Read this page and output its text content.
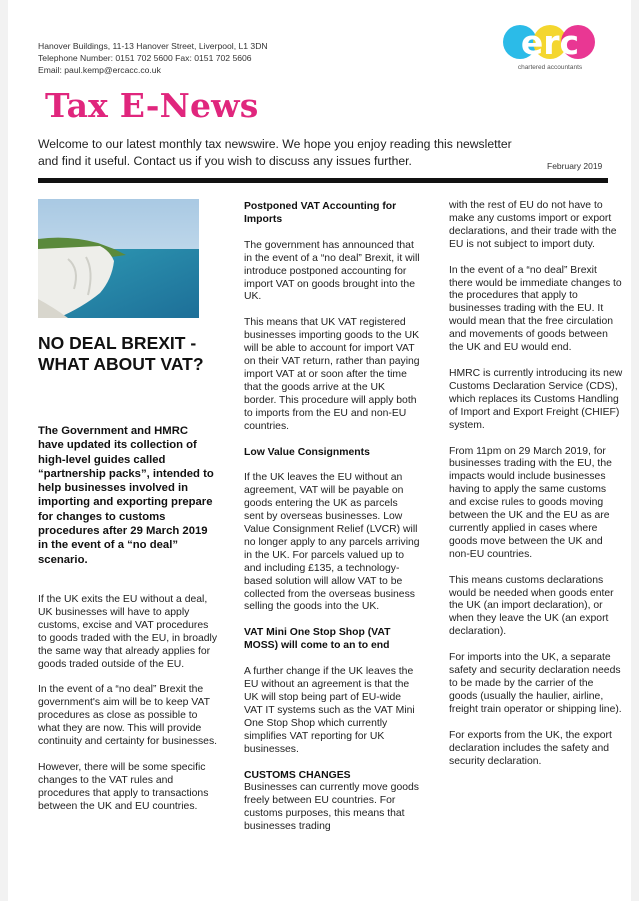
Hanover Buildings, 11-13 Hanover Street, Liverpool, L1 3DN
Telephone Number: 0151 702 5600 Fax: 0151 702 5606
Email: paul.kemp@ercacc.co.uk
erc
chartered accountants
Tax E-News
Welcome to our latest monthly tax newswire. We hope you enjoy reading this newsletter and find it useful. Contact us if you wish to discuss any issues further.	February 2019
NO DEAL BREXIT - WHAT ABOUT VAT?
The Government and HMRC have updated its collection of high-level guides called “partnership packs”, intended to help businesses involved in importing and exporting prepare for changes to customs procedures after 29 March 2019 in the event of a “no deal” scenario.

If the UK exits the EU without a deal, UK businesses will have to apply customs, excise and VAT procedures to goods traded with the EU, in broadly the same way that already applies for goods traded outside of the EU.

In the event of a “no deal” Brexit the government's aim will be to keep VAT procedures as close as possible to what they are now. This will provide continuity and certainty for businesses.

However, there will be some specific changes to the VAT rules and procedures that apply to transactions between the UK and EU countries.

Postponed VAT Accounting for Imports

The government has announced that in the event of a “no deal” Brexit, it will introduce postponed accounting for import VAT on goods brought into the UK.

This means that UK VAT registered businesses importing goods to the UK will be able to account for import VAT on their VAT return, rather than paying import VAT at or soon after the time that the goods arrive at the UK border. This procedure will apply both to imports from the EU and non-EU countries.

Low Value Consignments

If the UK leaves the EU without an agreement, VAT will be payable on goods entering the UK as parcels sent by overseas businesses. Low Value Consignment Relief (LVCR) will no longer apply to any parcels arriving in the UK. For parcels valued up to and including £135, a technology-based solution will allow VAT to be collected from the overseas business selling the goods into the UK.

VAT Mini One Stop Shop (VAT MOSS) will come to an to end

A further change if the UK leaves the EU without an agreement is that the UK will stop being part of EU-wide VAT IT systems such as the VAT Mini One Stop Shop which currently simplifies VAT reporting for UK businesses.

CUSTOMS CHANGES

Businesses can currently move goods freely between EU countries. For customs purposes, this means that businesses trading

with the rest of EU do not have to make any customs import or export declarations, and their trade with the EU is not subject to import duty.

In the event of a “no deal” Brexit there would be immediate changes to the procedures that apply to businesses trading with the EU. It would mean that the free circulation and movements of goods between the UK and EU would end.

HMRC is currently introducing its new Customs Declaration Service (CDS), which replaces its Customs Handling of Import and Export Freight (CHIEF) system.

From 11pm on 29 March 2019, for businesses trading with the EU, the impacts would include businesses having to apply the same customs and excise rules to goods moving between the UK and the EU as are currently applied in cases where goods move between the UK and non-EU countries.

This means customs declarations would be needed when goods enter the UK (an import declaration), or when they leave the UK (an export declaration).

For imports into the UK, a separate safety and security declaration needs to be made by the carrier of the goods (usually the haulier, airline, freight train operator or shipping line).

For exports from the UK, the export declaration includes the safety and security declaration.
